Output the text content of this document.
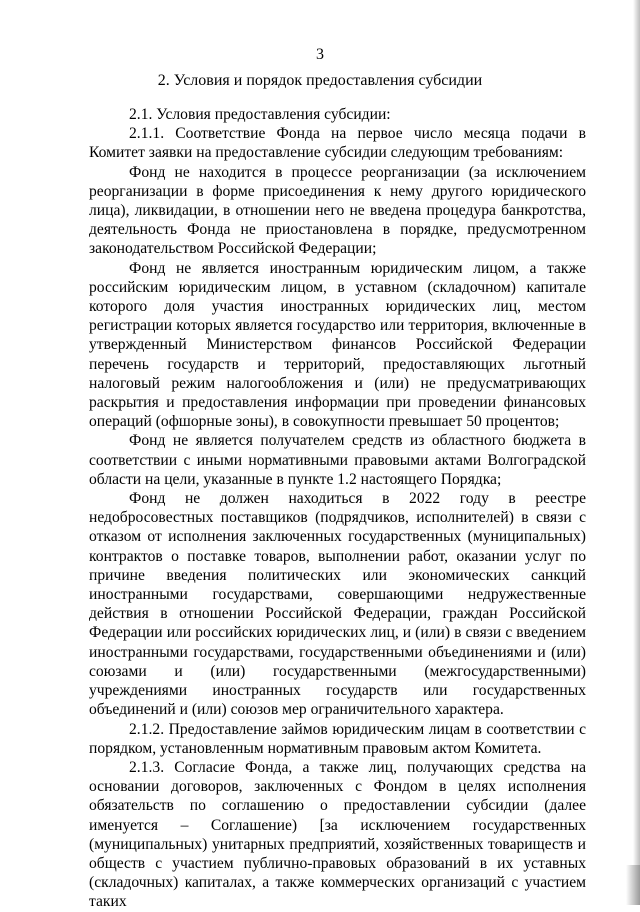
3
2. Условия и порядок предоставления субсидии

2.1. Условия предоставления субсидии:

2.1.1. Соответствие Фонда на первое число месяца подачи в Комитет заявки на предоставление субсидии следующим требованиям:

Фонд не находится в процессе реорганизации (за исключением реорганизации в форме присоединения к нему другого юридического лица), ликвидации, в отношении него не введена процедура банкротства, деятельность Фонда не приостановлена в порядке, предусмотренном законодательством Российской Федерации;

Фонд не является иностранным юридическим лицом, а также российским юридическим лицом, в уставном (складочном) капитале которого доля участия иностранных юридических лиц, местом регистрации которых является государство или территория, включенные в утвержденный Министерством финансов Российской Федерации перечень государств и территорий, предоставляющих льготный налоговый режим налогообложения и (или) не предусматривающих раскрытия и предоставления информации при проведении финансовых операций (офшорные зоны), в совокупности превышает 50 процентов;

Фонд не является получателем средств из областного бюджета в соответствии с иными нормативными правовыми актами Волгоградской области на цели, указанные в пункте 1.2 настоящего Порядка;

Фонд не должен находиться в 2022 году в реестре недобросовестных поставщиков (подрядчиков, исполнителей) в связи с отказом от исполнения заключенных государственных (муниципальных) контрактов о поставке товаров, выполнении работ, оказании услуг по причине введения политических или экономических санкций иностранными государствами, совершающими недружественные действия в отношении Российской Федерации, граждан Российской Федерации или российских юридических лиц, и (или) в связи с введением иностранными государствами, государственными объединениями и (или) союзами и (или) государственными (межгосударственными) учреждениями иностранных государств или государственных объединений и (или) союзов мер ограничительного характера.

2.1.2. Предоставление займов юридическим лицам в соответствии с порядком, установленным нормативным правовым актом Комитета.

2.1.3. Согласие Фонда, а также лиц, получающих средства на основании договоров, заключенных с Фондом в целях исполнения обязательств по соглашению о предоставлении субсидии (далее именуется – Соглашение) [за исключением государственных (муниципальных) унитарных предприятий, хозяйственных товариществ и обществ с участием публично-правовых образований в их уставных (складочных) капиталах, а также коммерческих организаций с участием таких
